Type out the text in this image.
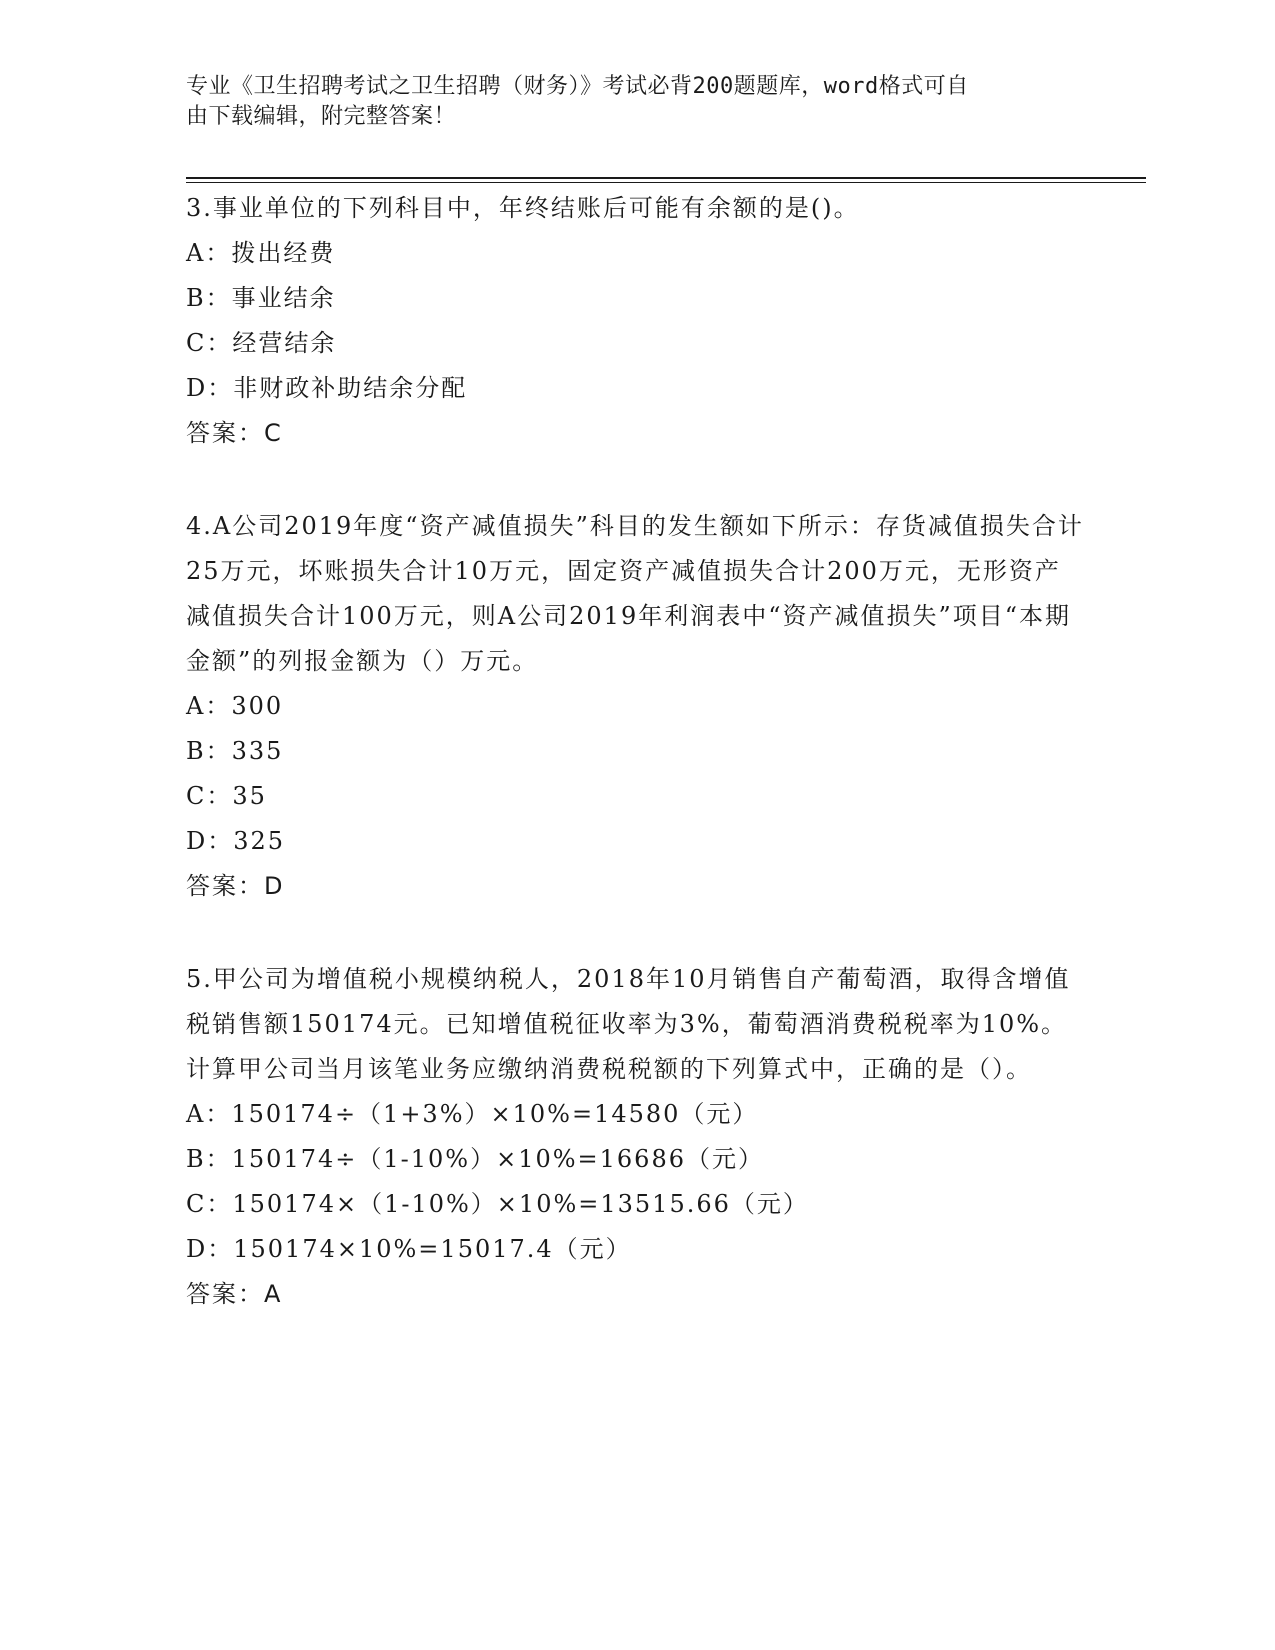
专业《卫生招聘考试之卫生招聘（财务）》考试必背200题题库，word格式可自
由下载编辑，附完整答案！
3.事业单位的下列科目中，年终结账后可能有余额的是()。
A：拨出经费
B：事业结余
C：经营结余
D：非财政补助结余分配
答案：C
4.A公司2019年度“资产减值损失”科目的发生额如下所示：存货减值损失合计25万元，坏账损失合计10万元，固定资产减值损失合计200万元，无形资产减值损失合计100万元，则A公司2019年利润表中“资产减值损失”项目“本期金额”的列报金额为（）万元。
A：300
B：335
C：35
D：325
答案：D
5.甲公司为增值税小规模纳税人，2018年10月销售自产葡萄酒，取得含增值税销售额150174元。已知增值税征收率为3%，葡萄酒消费税税率为10%。计算甲公司当月该笔业务应缴纳消费税税额的下列算式中，正确的是（）。
A：150174÷（1+3%）×10%=14580（元）
B：150174÷（1-10%）×10%=16686（元）
C：150174×（1-10%）×10%=13515.66（元）
D：150174×10%=15017.4（元）
答案：A
